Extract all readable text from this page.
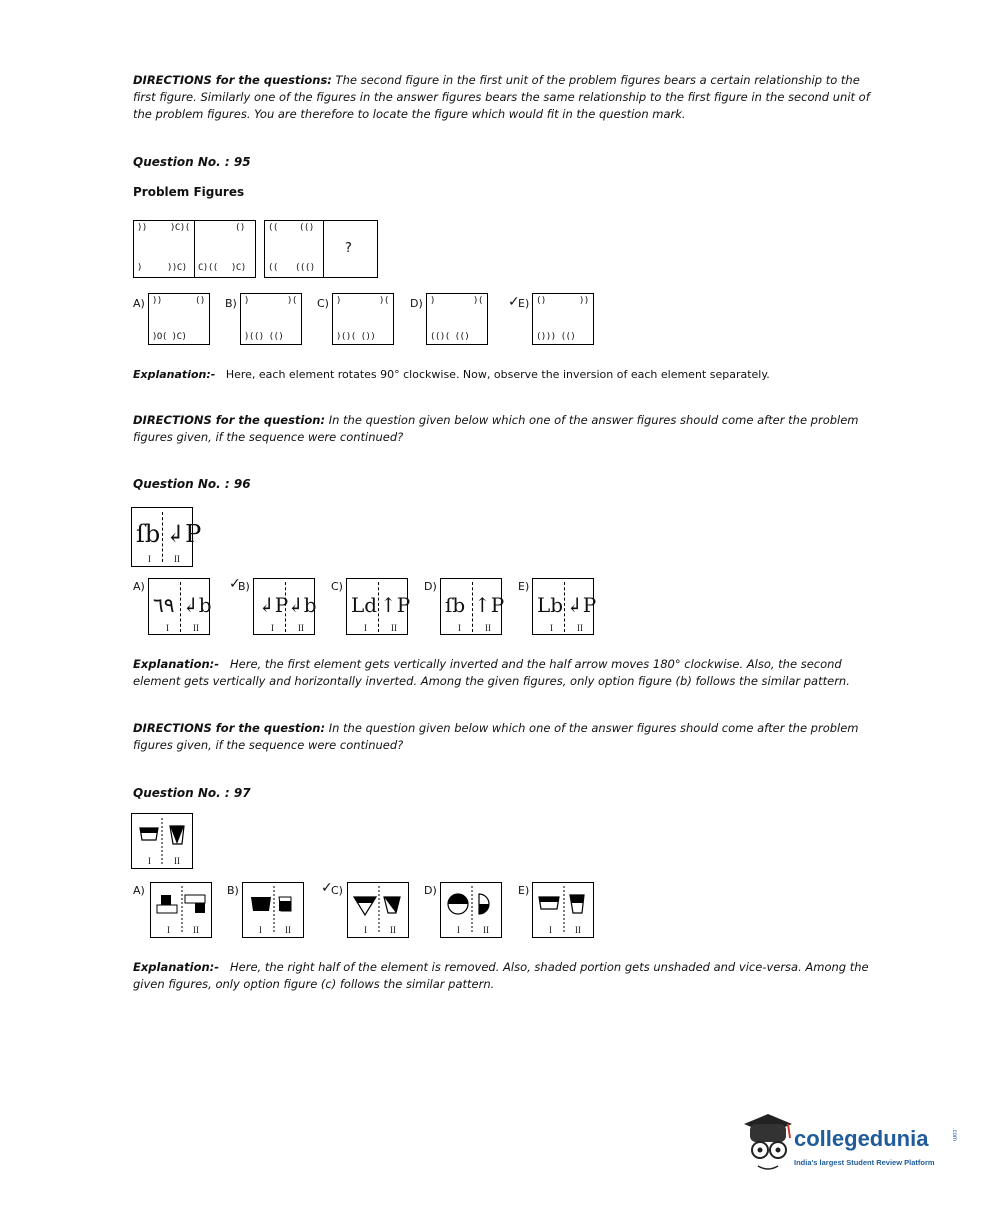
DIRECTIONS for the questions: The second figure in the first unit of the problem figures bears a certain relationship to the first figure. Similarly one of the figures in the answer figures bears the same relationship to the first figure in the second unit of the problem figures. You are therefore to locate the figure which would fit in the question mark.
Question No. : 95
Problem Figures
))	)C)(
)	))C)
()
C)(( )C)
(( (()
(( ((()
?
A) ))	()
)O( )C)
B) )	)(
)(() (()
C) )	)(
)()( ())
D) )	)(
(()( (()
✓
E) ()	))
())) (()
Explanation:- Here, each element rotates 90° clockwise. Now, observe the inversion of each element separately.
DIRECTIONS for the question: In the question given below which one of the answer figures should come after the problem figures given, if the sequence were continued?
Question No. : 96
ſb ↲P
I	II
A)
٦٩ ↲b
I	II
✓
B)
↲P
↲b
I	II
C)
Ld ↑P
I	II
D)
ſb ↑P
I	II
E)
Lb ↲P
I	II
Explanation:- Here, the first element gets vertically inverted and the half arrow moves 180° clockwise. Also, the second element gets vertically and horizontally inverted. Among the given figures, only option figure (b) follows the similar pattern.
DIRECTIONS for the question: In the question given below which one of the answer figures should come after the problem figures given, if the sequence were continued?
Question No. : 97
I	II
A)
I	II
B)
I	II
✓
C)
I	II
D)
I	II
E)
I	II
Explanation:- Here, the right half of the element is removed. Also, shaded portion gets unshaded and vice-versa. Among the given figures, only option figure (c) follows the similar pattern.
collegedunia	.com
India's largest Student Review Platform
